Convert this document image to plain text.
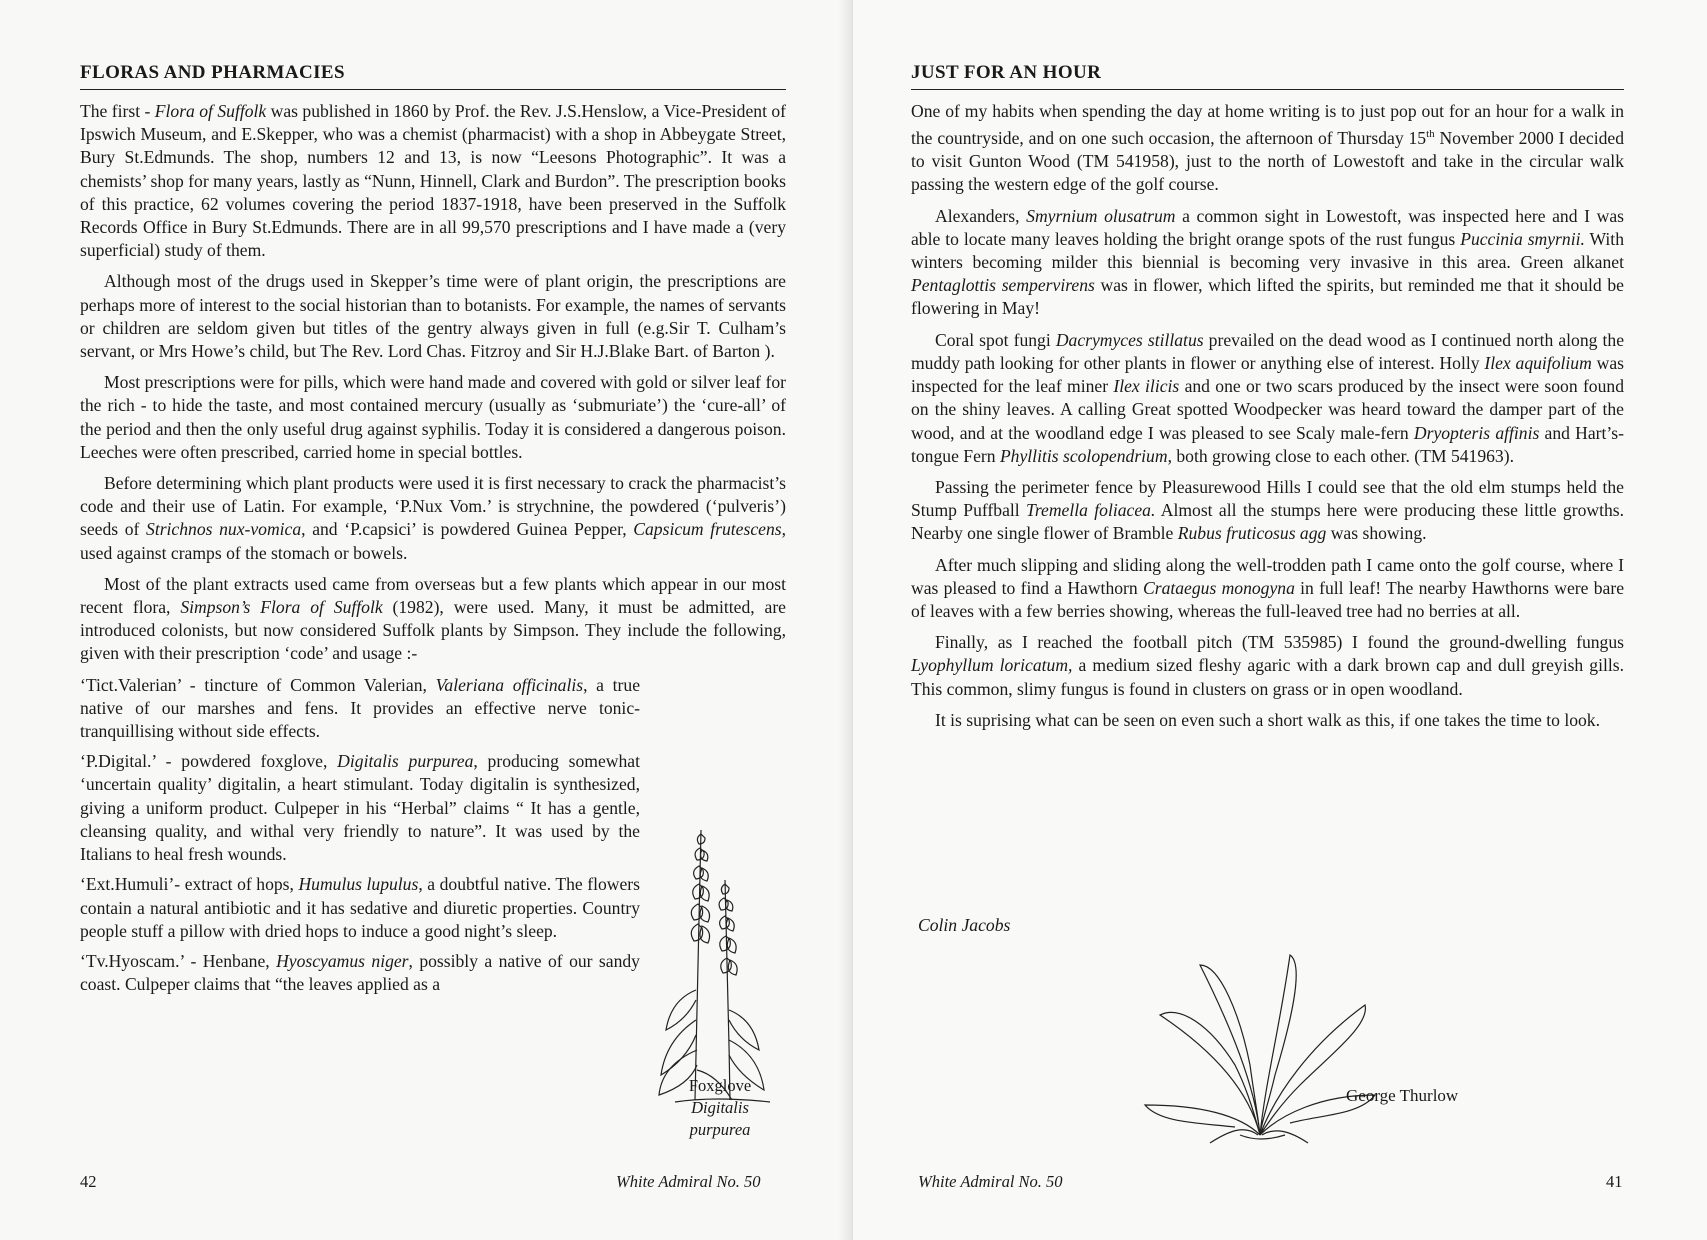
FLORAS AND PHARMACIES

The first - Flora of Suffolk was published in 1860 by Prof. the Rev. J.S.Henslow, a Vice-President of Ipswich Museum, and E.Skepper, who was a chemist (pharmacist) with a shop in Abbeygate Street, Bury St.Edmunds. The shop, numbers 12 and 13, is now “Leesons Photographic”. It was a chemists’ shop for many years, lastly as “Nunn, Hinnell, Clark and Burdon”. The prescription books of this practice, 62 volumes covering the period 1837-1918, have been preserved in the Suffolk Records Office in Bury St.Edmunds. There are in all 99,570 prescriptions and I have made a (very superficial) study of them.

Although most of the drugs used in Skepper’s time were of plant origin, the prescriptions are perhaps more of interest to the social historian than to botanists. For example, the names of servants or children are seldom given but titles of the gentry always given in full (e.g.Sir T. Culham’s servant, or Mrs Howe’s child, but The Rev. Lord Chas. Fitzroy and Sir H.J.Blake Bart. of Barton ).

Most prescriptions were for pills, which were hand made and covered with gold or silver leaf for the rich - to hide the taste, and most contained mercury (usually as ‘submuriate’) the ‘cure-all’ of the period and then the only useful drug against syphilis. Today it is considered a dangerous poison. Leeches were often prescribed, carried home in special bottles.

Before determining which plant products were used it is first necessary to crack the pharmacist’s code and their use of Latin. For example, ‘P.Nux Vom.’ is strychnine, the powdered (‘pulveris’) seeds of Strichnos nux-vomica, and ‘P.capsici’ is powdered Guinea Pepper, Capsicum frutescens, used against cramps of the stomach or bowels.

Most of the plant extracts used came from overseas but a few plants which appear in our most recent flora, Simpson’s Flora of Suffolk (1982), were used. Many, it must be admitted, are introduced colonists, but now considered Suffolk plants by Simpson. They include the following, given with their prescription ‘code’ and usage :-

‘Tict.Valerian’ - tincture of Common Valerian, Valeriana officinalis, a true native of our marshes and fens. It provides an effective nerve tonic- tranquillising without side effects.

‘P.Digital.’ - powdered foxglove, Digitalis purpurea, producing somewhat ‘uncertain quality’ digitalin, a heart stimulant. Today digitalin is synthesized, giving a uniform product. Culpeper in his “Herbal” claims “ It has a gentle, cleansing quality, and withal very friendly to nature”. It was used by the Italians to heal fresh wounds.

‘Ext.Humuli’- extract of hops, Humulus lupulus, a doubtful native. The flowers contain a natural antibiotic and it has sedative and diuretic properties. Country people stuff a pillow with dried hops to induce a good night’s sleep.

‘Tv.Hyoscam.’ - Henbane, Hyoscyamus niger, possibly a native of our sandy coast. Culpeper claims that “the leaves applied as a

Foxglove
Digitalis
purpurea
42	White Admiral No. 50	White Admiral No. 50	41
JUST FOR AN HOUR

One of my habits when spending the day at home writing is to just pop out for an hour for a walk in the countryside, and on one such occasion, the afternoon of Thursday 15th November 2000 I decided to visit Gunton Wood (TM 541958), just to the north of Lowestoft and take in the circular walk passing the western edge of the golf course.

Alexanders, Smyrnium olusatrum a common sight in Lowestoft, was inspected here and I was able to locate many leaves holding the bright orange spots of the rust fungus Puccinia smyrnii. With winters becoming milder this biennial is becoming very invasive in this area. Green alkanet Pentaglottis sempervirens was in flower, which lifted the spirits, but reminded me that it should be flowering in May!

Coral spot fungi Dacrymyces stillatus prevailed on the dead wood as I continued north along the muddy path looking for other plants in flower or anything else of interest. Holly Ilex aquifolium was inspected for the leaf miner Ilex ilicis and one or two scars produced by the insect were soon found on the shiny leaves. A calling Great spotted Woodpecker was heard toward the damper part of the wood, and at the woodland edge I was pleased to see Scaly male-fern Dryopteris affinis and Hart’s-tongue Fern Phyllitis scolopendrium, both growing close to each other. (TM 541963).

Passing the perimeter fence by Pleasurewood Hills I could see that the old elm stumps held the Stump Puffball Tremella foliacea. Almost all the stumps here were producing these little growths. Nearby one single flower of Bramble Rubus fruticosus agg was showing.

After much slipping and sliding along the well-trodden path I came onto the golf course, where I was pleased to find a Hawthorn Crataegus monogyna in full leaf! The nearby Hawthorns were bare of leaves with a few berries showing, whereas the full-leaved tree had no berries at all.

Finally, as I reached the football pitch (TM 535985) I found the ground-dwelling fungus Lyophyllum loricatum, a medium sized fleshy agaric with a dark brown cap and dull greyish gills. This common, slimy fungus is found in clusters on grass or in open woodland.

It is suprising what can be seen on even such a short walk as this, if one takes the time to look.

Colin Jacobs
George Thurlow
